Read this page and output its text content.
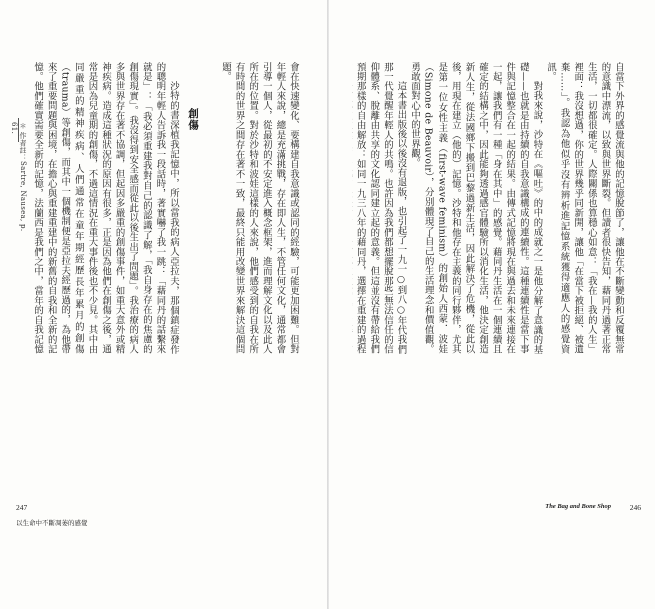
自當下外界的感覺流與他的記憶脫節了，讓他在不斷變動和反覆無常的意識中漂流，以致與世界斷裂。但讀者很快告知，藉同丹過著正常生活，一切都很確定。人際關係也算穩心如意：「我在—我的人生」裡面：我沒想過，你的世界幾乎同新開，讓他「在當下被拒絕、被遺棄……」。我認為他似乎沒有辨析進記憶系統獲得適應人的感覺資訊。

對我來說，沙特在《嘔吐》的中的成就之一是他分解了意識的基礎——也就是由持續的自我意識構成的連續性。這種連續性是當下事件與記憶整合在一起的結果。由傳式記憶將現在與過去和未來連接在一起，讓我們有一種「身在其中」的感覺。藉同丹生活在一個連續且確定的結構之中，因此能夠透過感官體驗所以消化生活，他決定創造新人生，從法國鄉下搬到巴黎過新生活，因此解決了危機，從此以後，用現在建立（他的）記憶。沙特和他存在主義的同行夥伴，尤其是第一位女性主義（first-wave feminism）的創始人西蒙．波娃（Simone de Beauvoir），分別體現了自己的生活理念和價值觀。勇敢面對心中的世界觀。

這本書出版後以後沒有退版，也引起了一九一○到八○年代我們那一代覺醒年輕人的共鳴。也許因為我們都想擺脫那些無法信任的信仰體系、脫離由共享的文化認同建立起的意義。但這並沒有帶給我們預期那樣的自由解放：如同一九三八年的藉同丹，選擇在重建的過程

246
The Bag and Bone Shop

會在快速變化、要構建自我意識或認同的經驗，可能更加困難。但對年輕人來說，總是充滿挑戰，存在即人生，不管任何文化，通常都會引導一個人，從最初的不安定進入概念框架，進而理解文化以及此人所在的位置。對於沙特和波娃這樣的人來說，他們感受到的自我在所有時間的世界之間存在著不一致，最終只能用改變世界來解決這個問題。

創傷

沙特的書深植我記憶中，所以當我的病人亞拉夫，那個鎮症發作的聰明年輕人告訴我一段話時，著實嚇了我一跳：「藉同丹的話繫來就是」：「我必須重建我對自己的認識了解，「我自身存在的焦慮的創傷現實」。我沒得到安全感而從此以後生出了問題」。我治療的病人多與世界存在著不協調，但起因多嚴重的創傷事件，如重大意外或精神疾病。造成這種狀況的原因有很多，正是因為他們在創傷之後，通常是因為兒童期的創傷，不過這情況在重大事件後也不少見。其中由同嚴重的精神疾病、人們通常在童年期經歷長年累月的創傷（trauma）等創傷，而其中一個機制便是亞拉夫經歷過的，為他帶來了重要問題與困境，在擔心與重建重建中的新舊的自我和全新的記憶。他們確實需要全新的記憶，法蘭西是我們之中，當年的自我記憶

＊ 作者註：Sartre, Nausea, p. 61.
247
以生命中不斷凋萎的感覺
